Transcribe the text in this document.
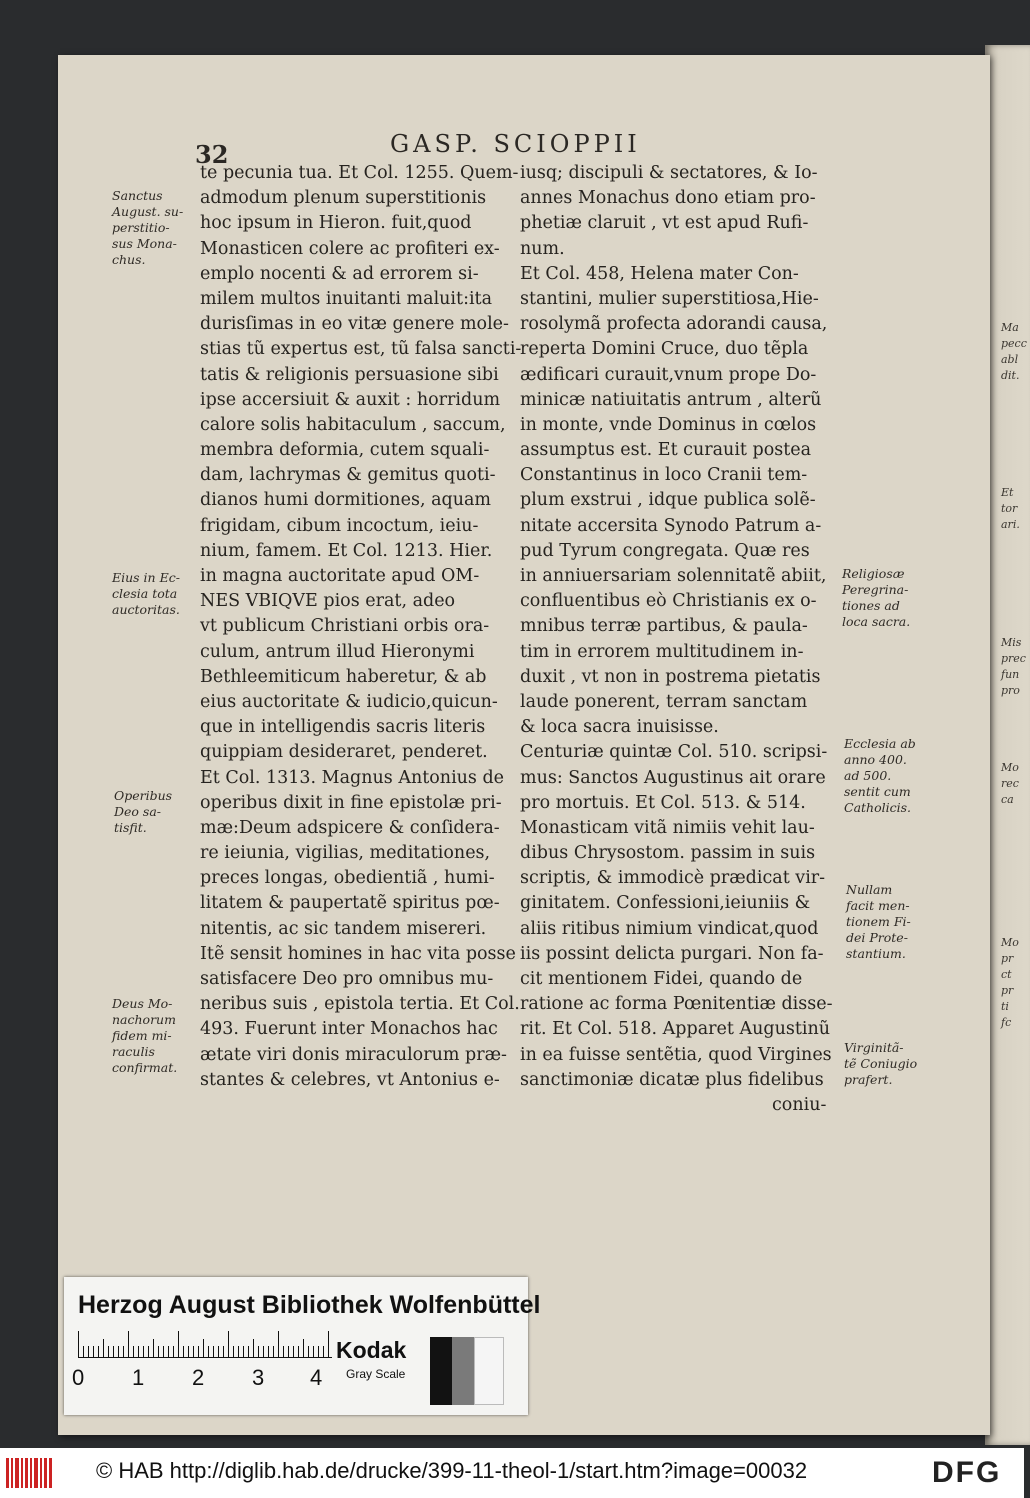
Ma
pecc
abl
dit.
Et
tor
ari.
Mis
prec
fun
pro
Mo
rec
ca
Mo
pr
ct
pr
ti
fc
32	GASP. SCIOPPII
te pecunia tua. Et Col. 1255. Quem-
admodum plenum superstitionis
hoc ipsum in Hieron. fuit,quod
Monasticen colere ac profiteri ex-
emplo nocenti & ad errorem si-
milem multos inuitanti maluit:ita
durisſimas in eo vitæ genere mole-
stias tũ expertus est, tũ falsa sancti-
tatis & religionis persuasione sibi
ipse accersiuit & auxit : horridum
calore solis habitaculum , saccum,
membra deformia, cutem squali-
dam, lachrymas & gemitus quoti-
dianos humi dormitiones, aquam
frigidam, cibum incoctum, ieiu-
nium, famem. Et Col. 1213. Hier.
in magna auctoritate apud OM-
NES VBIQVE pios erat, adeo
vt publicum Christiani orbis ora-
culum, antrum illud Hieronymi
Bethleemiticum haberetur, & ab
eius auctoritate & iudicio,quicun-
que in intelligendis sacris literis
quippiam desideraret, penderet.
Et Col. 1313. Magnus Antonius de
operibus dixit in fine epistolæ pri-
mæ:Deum adspicere & conſidera-
re ieiunia, vigilias, meditationes,
preces longas, obedientiã , humi-
litatem & paupertatẽ spiritus pœ-
nitentis, ac sic tandem misereri.
Itẽ sensit homines in hac vita posse
satisfacere Deo pro omnibus mu-
neribus suis , epistola tertia. Et Col.
493. Fuerunt inter Monachos hac
ætate viri donis miraculorum præ-
stantes & celebres, vt Antonius e-
iusq; discipuli & sectatores, & Io-
annes Monachus dono etiam pro-
phetiæ claruit , vt est apud Rufi-
num.
Et Col. 458, Helena mater Con-
stantini, mulier superstitiosa,Hie-
rosolymã profecta adorandi causa,
reperta Domini Cruce, duo tẽpla
ædificari curauit,vnum prope Do-
minicæ natiuitatis antrum , alterũ
in monte, vnde Dominus in cœlos
assumptus est. Et curauit postea
Constantinus in loco Cranii tem-
plum exstrui , idque publica solẽ-
nitate accersita Synodo Patrum a-
pud Tyrum congregata. Quæ res
in anniuersariam solennitatẽ abiit,
confluentibus eò Christianis ex o-
mnibus terræ partibus, & paula-
tim in errorem multitudinem in-
duxit , vt non in postrema pietatis
laude ponerent, terram sanctam
& loca sacra inuisisse.
Centuriæ quintæ Col. 510. scripsi-
mus: Sanctos Augustinus ait orare
pro mortuis. Et Col. 513. & 514.
Monasticam vitã nimiis vehit lau-
dibus Chrysostom. passim in suis
scriptis, & immodicè prædicat vir-
ginitatem. Confessioni,ieiuniis &
aliis ritibus nimium vindicat,quod
iis possint delicta purgari. Non fa-
cit mentionem Fidei, quando de
ratione ac forma Pœnitentiæ disse-
rit. Et Col. 518. Apparet Augustinũ
in ea fuisse sentẽtia, quod Virgines
sanctimoniæ dicatæ plus fidelibus
coniu-
Sanctus
August. su-
perstitio-
sus Mona-
chus.
Eius in Ec-
clesia tota
auctoritas.
Operibus
Deo sa-
tisfit.
Deus Mo-
nachorum
fidem mi-
raculis
confirmat.
Religiosæ
Peregrina-
tiones ad
loca sacra.
Ecclesia ab
anno 400.
ad 500.
sentit cum
Catholicis.
Nullam
facit men-
tionem Fi-
dei Prote-
stantium.
Virginitã-
tẽ Coniugio
prafert.
Herzog August Bibliothek Wolfenbüttel
0 1 2 3 4
Kodak
Gray Scale
© HAB http://diglib.hab.de/drucke/399-11-theol-1/start.htm?image=00032	DFG
